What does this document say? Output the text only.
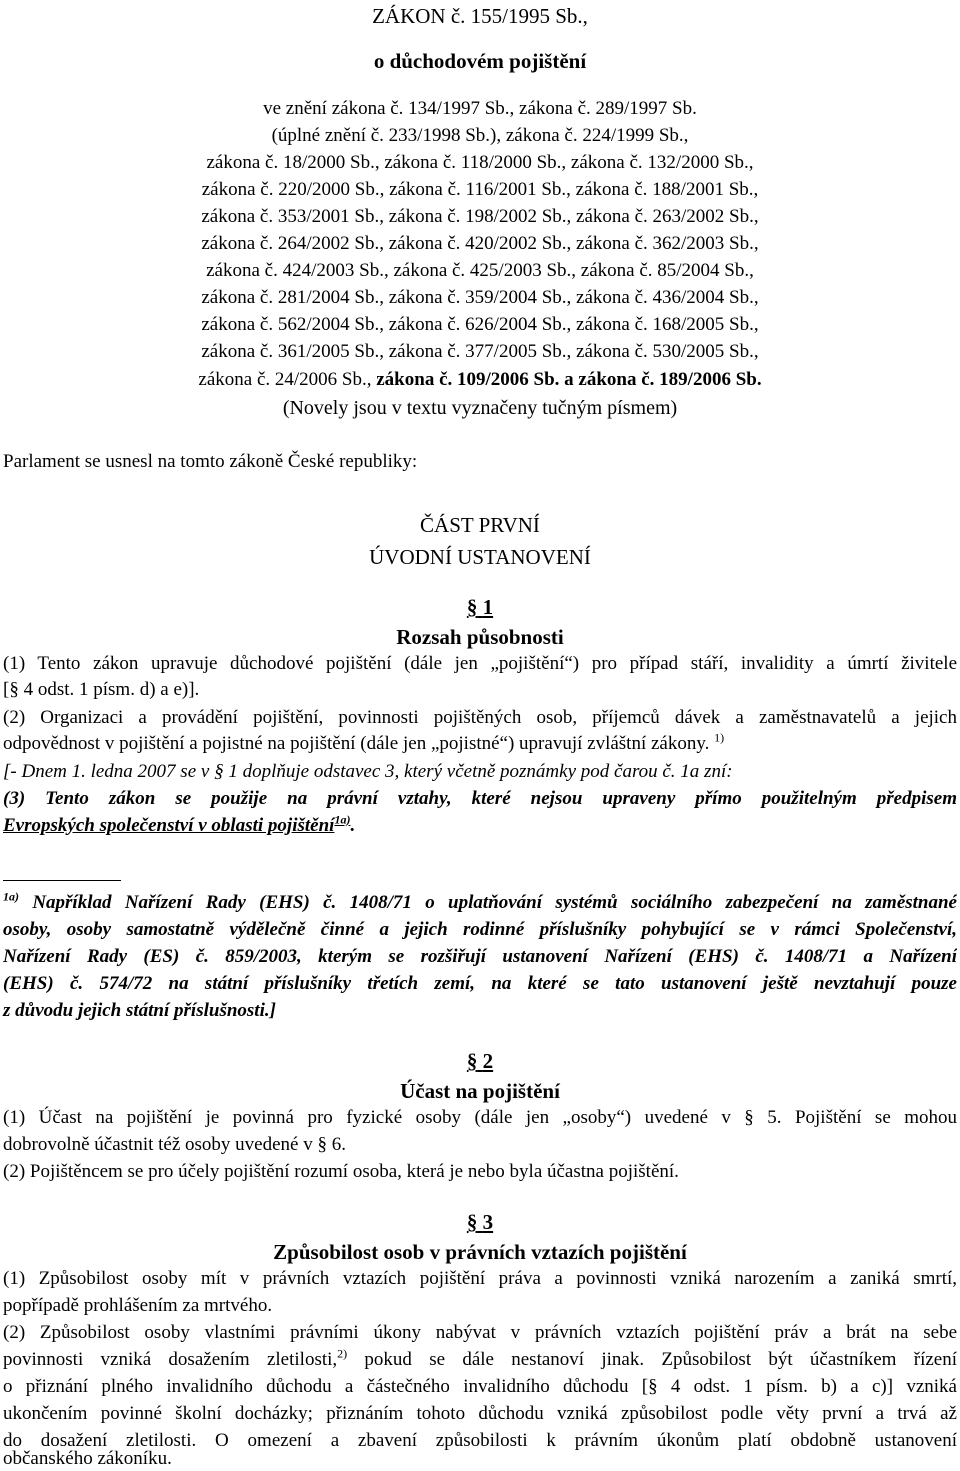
ZÁKON č. 155/1995 Sb.,
o důchodovém pojištění
ve znění zákona č. 134/1997 Sb., zákona č. 289/1997 Sb.
(úplné znění č. 233/1998 Sb.), zákona č. 224/1999 Sb.,
zákona č. 18/2000 Sb., zákona č. 118/2000 Sb., zákona č. 132/2000 Sb.,
zákona č. 220/2000 Sb., zákona č. 116/2001 Sb., zákona č. 188/2001 Sb.,
zákona č. 353/2001 Sb., zákona č. 198/2002 Sb., zákona č. 263/2002 Sb.,
zákona č. 264/2002 Sb., zákona č. 420/2002 Sb., zákona č. 362/2003 Sb.,
zákona č. 424/2003 Sb., zákona č. 425/2003 Sb., zákona č. 85/2004 Sb.,
zákona č. 281/2004 Sb., zákona č. 359/2004 Sb., zákona č. 436/2004 Sb.,
zákona č. 562/2004 Sb., zákona č. 626/2004 Sb., zákona č. 168/2005 Sb.,
zákona č. 361/2005 Sb., zákona č. 377/2005 Sb., zákona č. 530/2005 Sb.,
zákona č. 24/2006 Sb., zákona č. 109/2006 Sb. a zákona č. 189/2006 Sb.
(Novely jsou v textu vyznačeny tučným písmem)
Parlament se usnesl na tomto zákoně České republiky:
ČÁST PRVNÍ
ÚVODNÍ USTANOVENÍ
§ 1
Rozsah působnosti
(1) Tento zákon upravuje důchodové pojištění (dále jen „pojištění“) pro případ stáří, invalidity a úmrtí živitele
[§ 4 odst. 1 písm. d) a e)].
(2) Organizaci a provádění pojištění, povinnosti pojištěných osob, příjemců dávek a zaměstnavatelů a jejich
odpovědnost v pojištění a pojistné na pojištění (dále jen „pojistné“) upravují zvláštní zákony. $^{1)}$
[- Dnem 1. ledna 2007 se v § 1 doplňuje odstavec 3, který včetně poznámky pod čarou č. 1a zní:
(3) Tento zákon se použije na právní vztahy, které nejsou upraveny přímo použitelným předpisem
Evropských společenství v oblasti pojištění$^{1a)}$.
$^{1a)}$ Například Nařízení Rady (EHS) č. 1408/71 o uplatňování systémů sociálního zabezpečení na zaměstnané
osoby, osoby samostatně výdělečně činné a jejich rodinné příslušníky pohybující se v rámci Společenství,
Nařízení Rady (ES) č. 859/2003, kterým se rozšiřují ustanovení Nařízení (EHS) č. 1408/71 a Nařízení
(EHS) č. 574/72 na státní příslušníky třetích zemí, na které se tato ustanovení ještě nevztahují pouze
z důvodu jejich státní příslušnosti.]
§ 2
Účast na pojištění
(1) Účast na pojištění je povinná pro fyzické osoby (dále jen „osoby“) uvedené v § 5. Pojištění se mohou
dobrovolně účastnit též osoby uvedené v § 6.
(2) Pojištěncem se pro účely pojištění rozumí osoba, která je nebo byla účastna pojištění.
§ 3
Způsobilost osob v právních vztazích pojištění
(1) Způsobilost osoby mít v právních vztazích pojištění práva a povinnosti vzniká narozením a zaniká smrtí,
popřípadě prohlášením za mrtvého.
(2) Způsobilost osoby vlastními právními úkony nabývat v právních vztazích pojištění práv a brát na sebe
povinnosti vzniká dosažením zletilosti,$^{2)}$ pokud se dále nestanoví jinak. Způsobilost být účastníkem řízení
o přiznání plného invalidního důchodu a částečného invalidního důchodu [§ 4 odst. 1 písm. b) a c)] vzniká
ukončením povinné školní docházky; přiznáním tohoto důchodu vzniká způsobilost podle věty první a trvá až
do dosažení zletilosti. O omezení a zbavení způsobilosti k právním úkonům platí obdobně ustanovení
občanského zákoníku.
